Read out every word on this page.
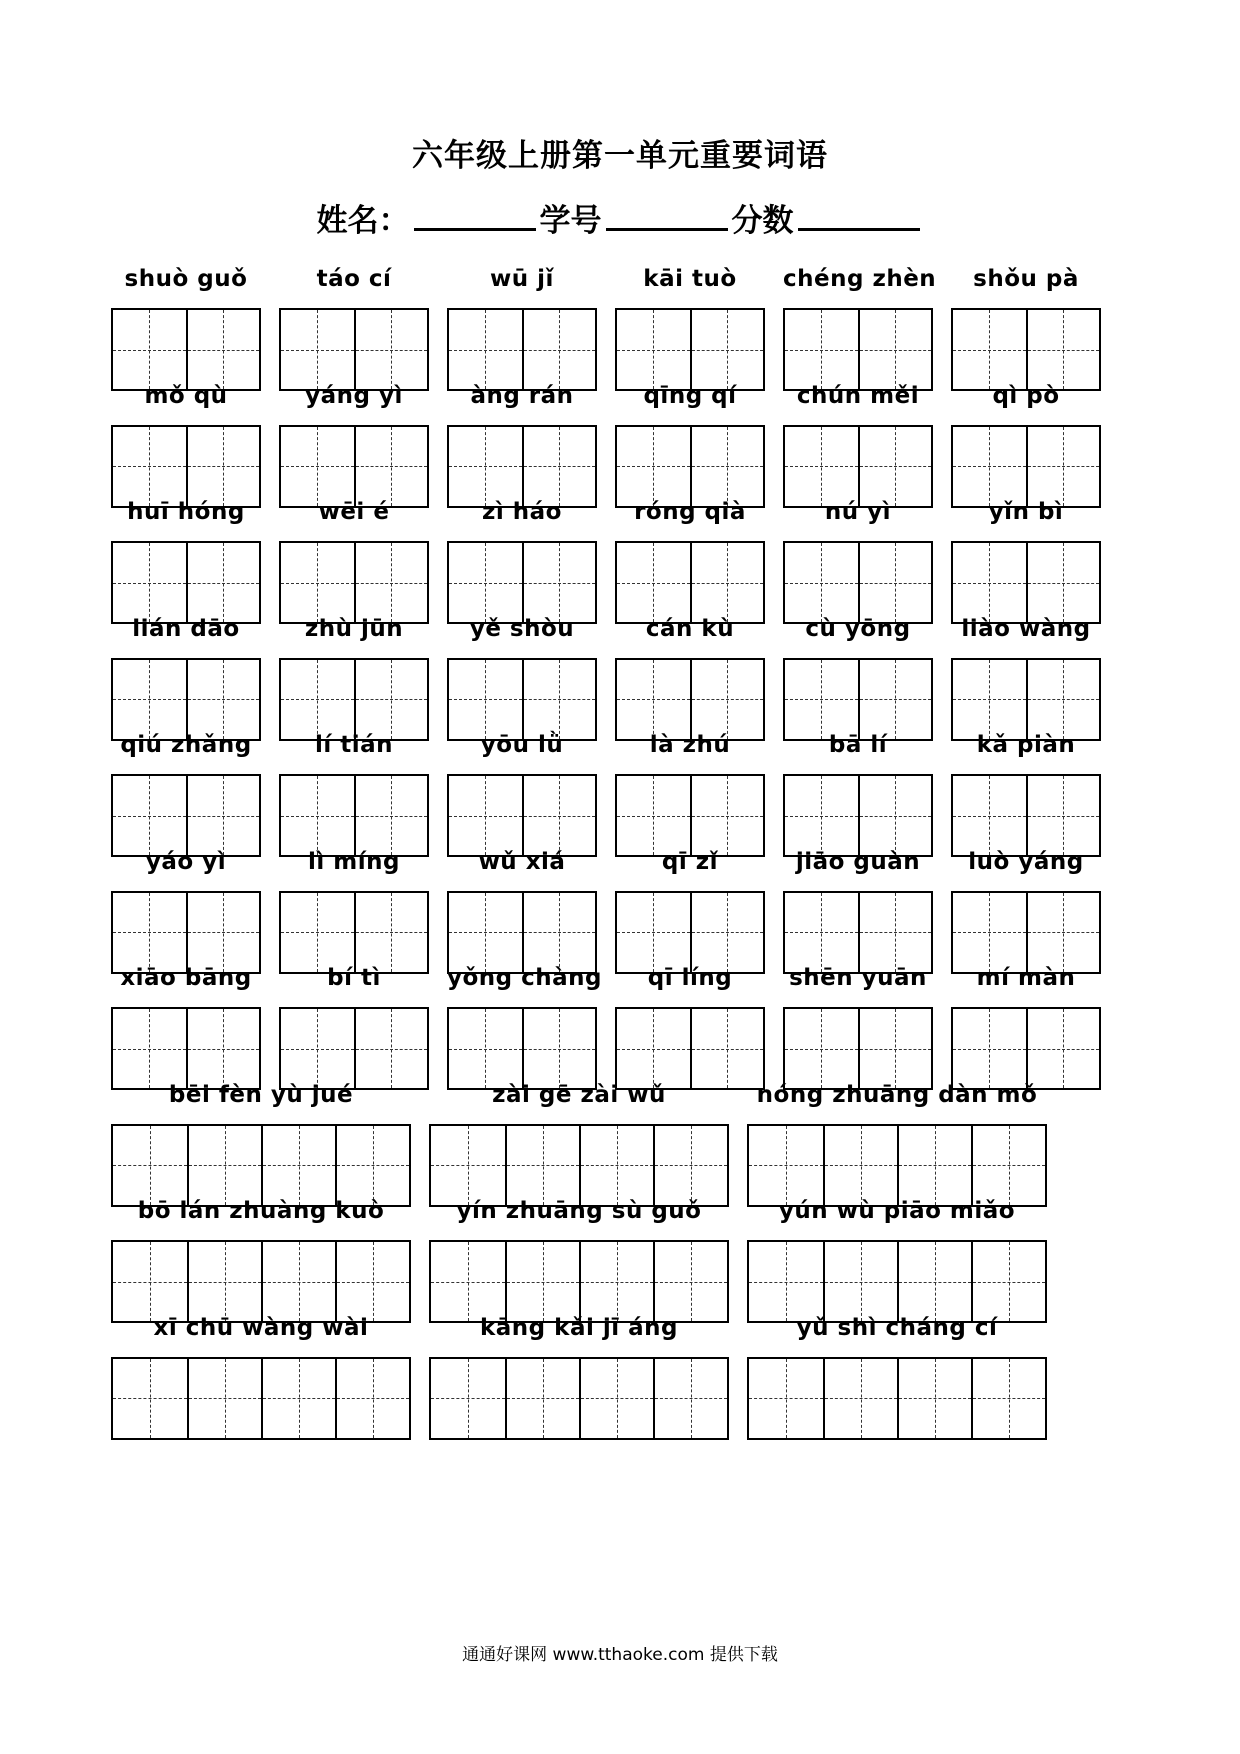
六年级上册第一单元重要词语
姓名：	学号	分数
shuò guǒ	táo cí	wū jǐ	kāi tuò	chéng zhèn	shǒu pà
mǒ qù	yáng yì	àng rán	qīng qí	chún měi	qì pò
huī hóng	wēi é	zì háo	róng qià	nú yì	yǐn bì
lián dāo	zhù jūn	yě shòu	cán kù	cù yōng	liào wàng
qiú zhǎng	lí tián	yōu lǜ	là zhú	bā lí	kǎ piàn
yáo yì	lì míng	wǔ xiá	qī zǐ	jiāo guàn	luò yáng
xiāo bāng	bí tì	yǒng chàng	qī líng	shēn yuān	mí màn
bēi fèn yù jué	zài gē zài wǔ	nóng zhuāng dàn mǒ
bō lán zhuàng kuò	yín zhuāng sù guǒ	yún wù piāo miǎo
xī chū wàng wài	kāng kǎi jī áng	yǔ shì cháng cí
通通好课网 www.tthaoke.com 提供下载
